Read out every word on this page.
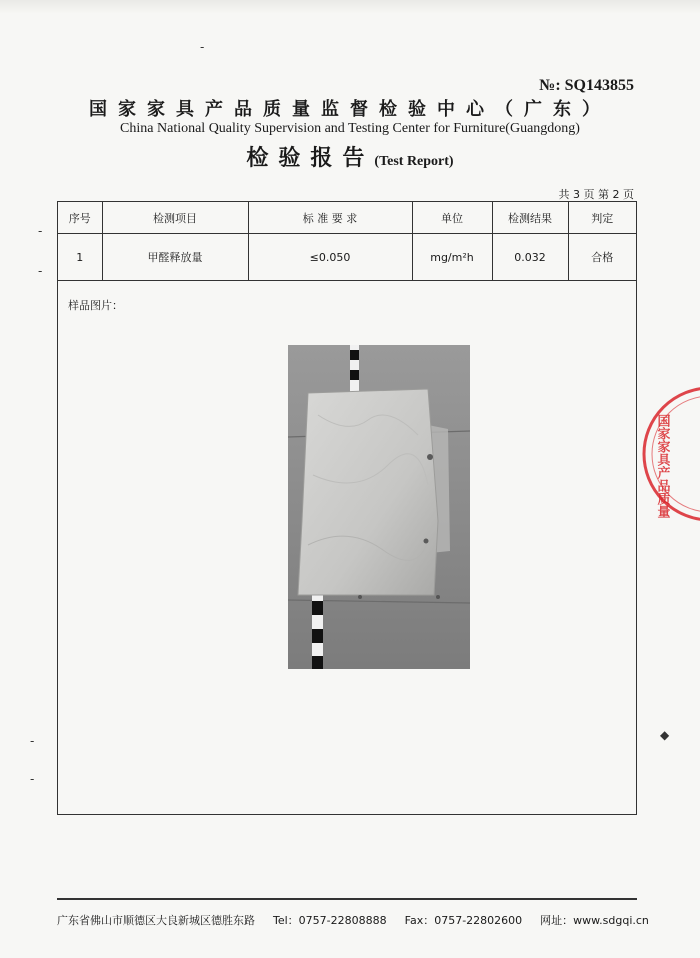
№: SQ143855
国家家具产品质量监督检验中心（广东）
China National Quality Supervision and Testing Center for Furniture(Guangdong)
检验报告(Test Report)
共 3 页 第 2 页
序号	检测项目	标 准 要 求	单位	检测结果	判定
1	甲醛释放量	≤0.050	mg/m²h	0.032	合格
样品图片：
广东省佛山市顺德区大良新城区德胜东路 Tel：0757-22808888 Fax：0757-22802600 网址：www.sdgqi.cn
国家家具产品质量
-
-
-
-
◆
-
